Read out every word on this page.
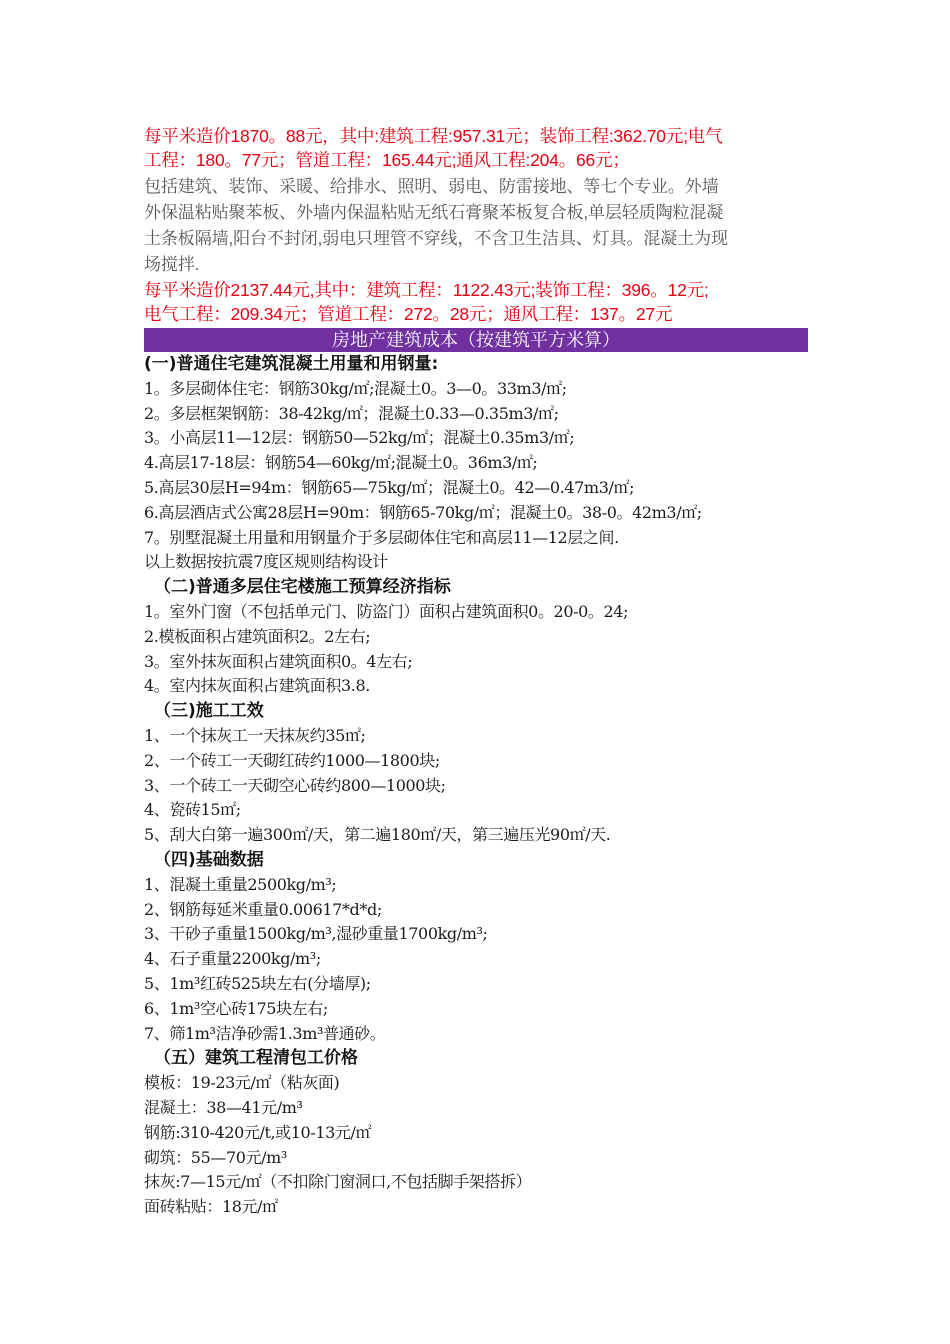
每平米造价1870。88元，其中:建筑工程:957.31元；装饰工程:362.70元;电气
工程：180。77元；管道工程：165.44元;通风工程:204。66元；
包括建筑、装饰、采暖、给排水、照明、弱电、防雷接地、等七个专业。外墙
外保温粘贴聚苯板、外墙内保温粘贴无纸石膏聚苯板复合板,单层轻质陶粒混凝
土条板隔墙,阳台不封闭,弱电只埋管不穿线，不含卫生洁具、灯具。混凝土为现
场搅拌.
每平米造价2137.44元,其中：建筑工程：1122.43元;装饰工程：396。12元;
电气工程：209.34元；管道工程：272。28元；通风工程：137。27元
房地产建筑成本（按建筑平方米算）
(一)普通住宅建筑混凝土用量和用钢量:
1。多层砌体住宅：钢筋30kg/㎡;混凝土0。3—0。33m3/㎡;
2。多层框架钢筋：38-42kg/㎡；混凝土0.33—0.35m3/㎡;
3。小高层11—12层：钢筋50—52kg/㎡；混凝土0.35m3/㎡;
4.高层17-18层：钢筋54—60kg/㎡;混凝土0。36m3/㎡;
5.高层30层H=94m：钢筋65—75kg/㎡；混凝土0。42—0.47m3/㎡;
6.高层酒店式公寓28层H=90m：钢筋65-70kg/㎡；混凝土0。38-0。42m3/㎡;
7。别墅混凝土用量和用钢量介于多层砌体住宅和高层11—12层之间.
以上数据按抗震7度区规则结构设计
（二)普通多层住宅楼施工预算经济指标
1。室外门窗（不包括单元门、防盗门）面积占建筑面积0。20-0。24;
2.模板面积占建筑面积2。2左右;
3。室外抹灰面积占建筑面积0。4左右;
4。室内抹灰面积占建筑面积3.8.
（三)施工工效
1、一个抹灰工一天抹灰约35㎡;
2、一个砖工一天砌红砖约1000—1800块;
3、一个砖工一天砌空心砖约800—1000块;
4、瓷砖15㎡;
5、刮大白第一遍300㎡/天，第二遍180㎡/天，第三遍压光90㎡/天.
（四)基础数据
1、混凝土重量2500kg/m³;
2、钢筋每延米重量0.00617*d*d;
3、干砂子重量1500kg/m³,湿砂重量1700kg/m³;
4、石子重量2200kg/m³;
5、1m³红砖525块左右(分墙厚);
6、1m³空心砖175块左右;
7、筛1m³洁净砂需1.3m³普通砂。
（五）建筑工程清包工价格
模板：19-23元/㎡（粘灰面)
混凝土：38—41元/m³
钢筋:310-420元/t,或10-13元/㎡
砌筑：55—70元/m³
抹灰:7—15元/㎡（不扣除门窗洞口,不包括脚手架搭拆）
面砖粘贴：18元/㎡
